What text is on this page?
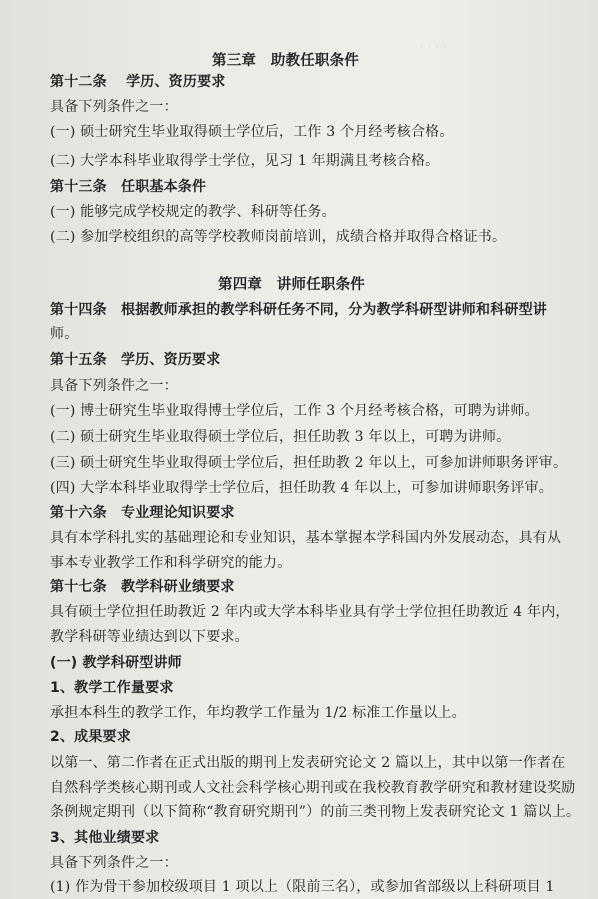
· · · ·
第三章　助教任职条件
第十二条　 学历、资历要求
具备下列条件之一：
(一) 硕士研究生毕业取得硕士学位后，工作 3 个月经考核合格。
(二) 大学本科毕业取得学士学位，见习 1 年期满且考核合格。
第十三条　任职基本条件
(一) 能够完成学校规定的教学、科研等任务。
(二) 参加学校组织的高等学校教师岗前培训，成绩合格并取得合格证书。
第四章　讲师任职条件
第十四条　根据教师承担的教学科研任务不同，分为教学科研型讲师和科研型讲
师。
第十五条　学历、资历要求
具备下列条件之一：
(一) 博士研究生毕业取得博士学位后，工作 3 个月经考核合格，可聘为讲师。
(二) 硕士研究生毕业取得硕士学位后，担任助教 3 年以上，可聘为讲师。
(三) 硕士研究生毕业取得硕士学位后，担任助教 2 年以上，可参加讲师职务评审。
(四) 大学本科毕业取得学士学位后，担任助教 4 年以上，可参加讲师职务评审。
第十六条　专业理论知识要求
具有本学科扎实的基础理论和专业知识，基本掌握本学科国内外发展动态，具有从
事本专业教学工作和科学研究的能力。
第十七条　教学科研业绩要求
具有硕士学位担任助教近 2 年内或大学本科毕业具有学士学位担任助教近 4 年内，
教学科研等业绩达到以下要求。
(一) 教学科研型讲师
1、教学工作量要求
承担本科生的教学工作，年均教学工作量为 1/2 标准工作量以上。
2、成果要求
以第一、第二作者在正式出版的期刊上发表研究论文 2 篇以上，其中以第一作者在
自然科学类核心期刊或人文社会科学核心期刊或在我校教育教学研究和教材建设奖励
条例规定期刊（以下简称“教育研究期刊”）的前三类刊物上发表研究论文 1 篇以上。
3、其他业绩要求
具备下列条件之一：
(1) 作为骨干参加校级项目 1 项以上（限前三名），或参加省部级以上科研项目 1
